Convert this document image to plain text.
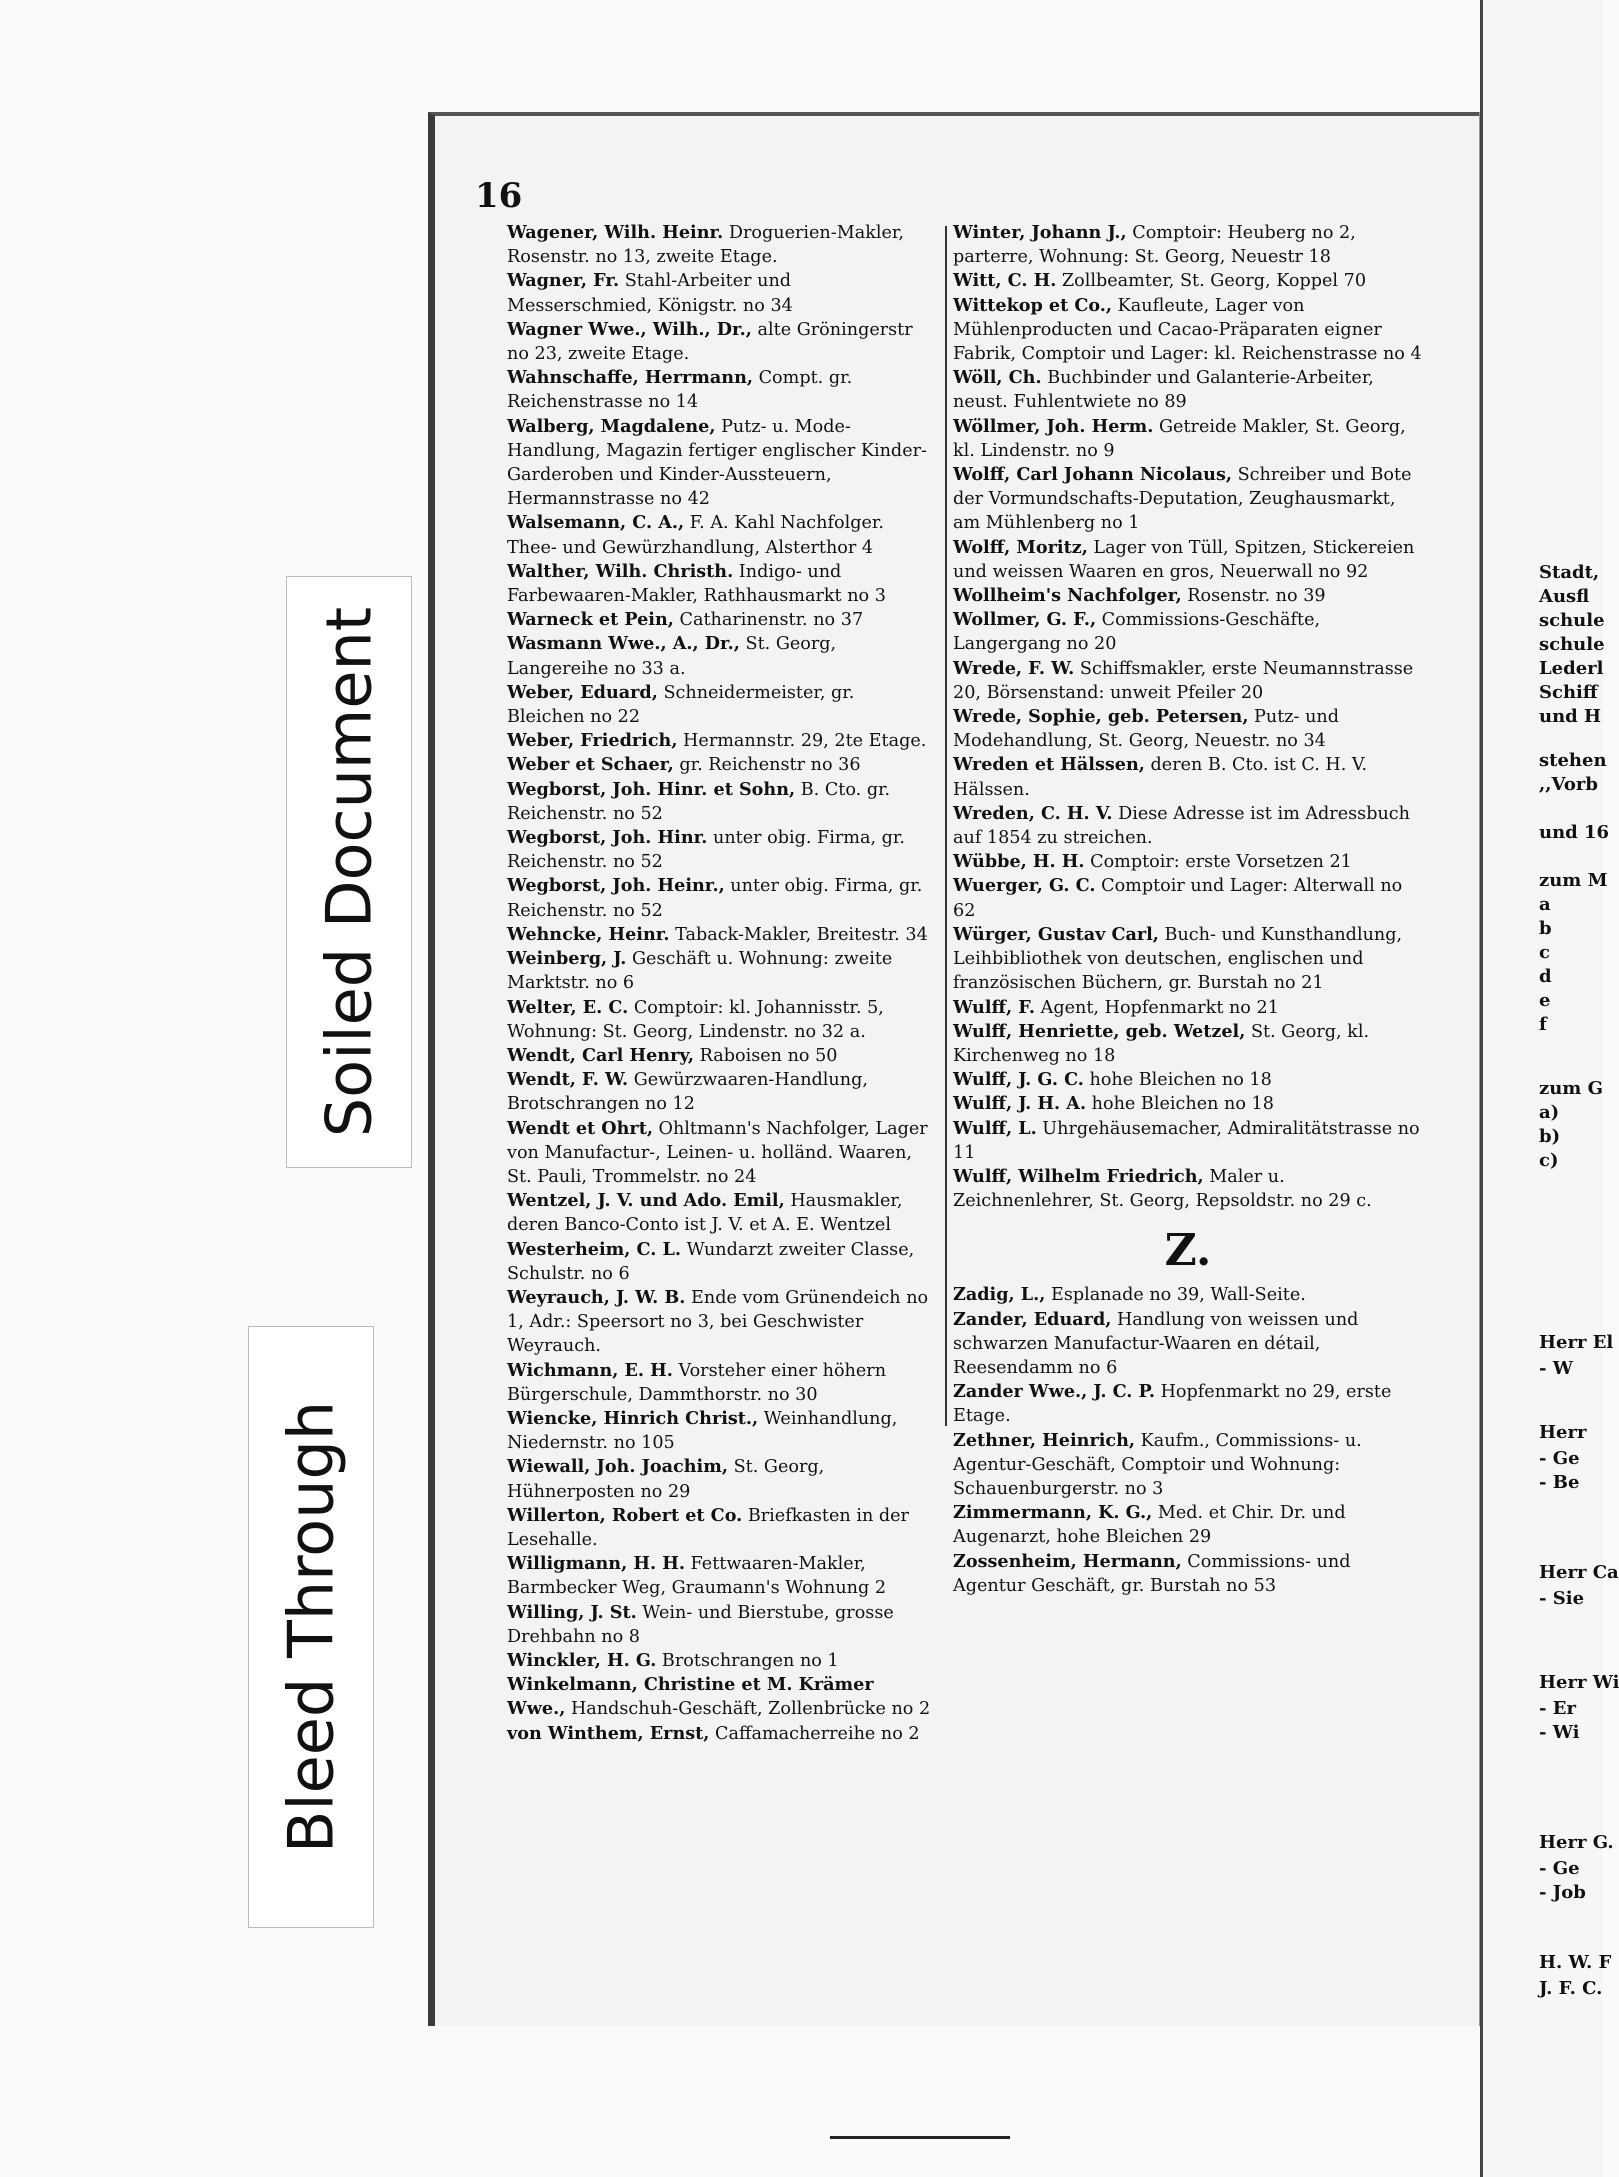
16
Wagener, Wilh. Heinr. Droguerien-Makler, Rosenstr. no 13, zweite Etage.
Wagner, Fr. Stahl-Arbeiter und Messerschmied, Königstr. no 34
Wagner Wwe., Wilh., Dr., alte Gröningerstr no 23, zweite Etage.
Wahnschaffe, Herrmann, Compt. gr. Reichenstrasse no 14
Walberg, Magdalene, Putz- u. Mode-Handlung, Magazin fertiger englischer Kinder-Garderoben und Kinder-Aussteuern, Hermannstrasse no 42
Walsemann, C. A., F. A. Kahl Nachfolger. Thee- und Gewürzhandlung, Alsterthor 4
Walther, Wilh. Christh. Indigo- und Farbewaaren-Makler, Rathhausmarkt no 3
Warneck et Pein, Catharinenstr. no 37
Wasmann Wwe., A., Dr., St. Georg, Langereihe no 33 a.
Weber, Eduard, Schneidermeister, gr. Bleichen no 22
Weber, Friedrich, Hermannstr. 29, 2te Etage.
Weber et Schaer, gr. Reichenstr no 36
Wegborst, Joh. Hinr. et Sohn, B. Cto. gr. Reichenstr. no 52
Wegborst, Joh. Hinr. unter obig. Firma, gr. Reichenstr. no 52
Wegborst, Joh. Heinr., unter obig. Firma, gr. Reichenstr. no 52
Wehncke, Heinr. Taback-Makler, Breitestr. 34
Weinberg, J. Geschäft u. Wohnung: zweite Marktstr. no 6
Welter, E. C. Comptoir: kl. Johannisstr. 5, Wohnung: St. Georg, Lindenstr. no 32 a.
Wendt, Carl Henry, Raboisen no 50
Wendt, F. W. Gewürzwaaren-Handlung, Brotschrangen no 12
Wendt et Ohrt, Ohltmann's Nachfolger, Lager von Manufactur-, Leinen- u. holländ. Waaren, St. Pauli, Trommelstr. no 24
Wentzel, J. V. und Ado. Emil, Hausmakler, deren Banco-Conto ist J. V. et A. E. Wentzel
Westerheim, C. L. Wundarzt zweiter Classe, Schulstr. no 6
Weyrauch, J. W. B. Ende vom Grünendeich no 1, Adr.: Speersort no 3, bei Geschwister Weyrauch.
Wichmann, E. H. Vorsteher einer höhern Bürgerschule, Dammthorstr. no 30
Wiencke, Hinrich Christ., Weinhandlung, Niedernstr. no 105
Wiewall, Joh. Joachim, St. Georg, Hühnerposten no 29
Willerton, Robert et Co. Briefkasten in der Lesehalle.
Willigmann, H. H. Fettwaaren-Makler, Barmbecker Weg, Graumann's Wohnung 2
Willing, J. St. Wein- und Bierstube, grosse Drehbahn no 8
Winckler, H. G. Brotschrangen no 1
Winkelmann, Christine et M. Krämer Wwe., Handschuh-Geschäft, Zollenbrücke no 2
von Winthem, Ernst, Caffamacherreihe no 2
Winter, Johann J., Comptoir: Heuberg no 2, parterre, Wohnung: St. Georg, Neuestr 18
Witt, C. H. Zollbeamter, St. Georg, Koppel 70
Wittekop et Co., Kaufleute, Lager von Mühlenproducten und Cacao-Präparaten eigner Fabrik, Comptoir und Lager: kl. Reichenstrasse no 4
Wöll, Ch. Buchbinder und Galanterie-Arbeiter, neust. Fuhlentwiete no 89
Wöllmer, Joh. Herm. Getreide Makler, St. Georg, kl. Lindenstr. no 9
Wolff, Carl Johann Nicolaus, Schreiber und Bote der Vormundschafts-Deputation, Zeughausmarkt, am Mühlenberg no 1
Wolff, Moritz, Lager von Tüll, Spitzen, Stickereien und weissen Waaren en gros, Neuerwall no 92
Wollheim's Nachfolger, Rosenstr. no 39
Wollmer, G. F., Commissions-Geschäfte, Langergang no 20
Wrede, F. W. Schiffsmakler, erste Neumannstrasse 20, Börsenstand: unweit Pfeiler 20
Wrede, Sophie, geb. Petersen, Putz- und Modehandlung, St. Georg, Neuestr. no 34
Wreden et Hälssen, deren B. Cto. ist C. H. V. Hälssen.
Wreden, C. H. V. Diese Adresse ist im Adressbuch auf 1854 zu streichen.
Wübbe, H. H. Comptoir: erste Vorsetzen 21
Wuerger, G. C. Comptoir und Lager: Alterwall no 62
Würger, Gustav Carl, Buch- und Kunsthandlung, Leihbibliothek von deutschen, englischen und französischen Büchern, gr. Burstah no 21
Wulff, F. Agent, Hopfenmarkt no 21
Wulff, Henriette, geb. Wetzel, St. Georg, kl. Kirchenweg no 18
Wulff, J. G. C. hohe Bleichen no 18
Wulff, J. H. A. hohe Bleichen no 18
Wulff, L. Uhrgehäusemacher, Admiralitätstrasse no 11
Wulff, Wilhelm Friedrich, Maler u. Zeichnenlehrer, St. Georg, Repsoldstr. no 29 c.
Z.
Zadig, L., Esplanade no 39, Wall-Seite.
Zander, Eduard, Handlung von weissen und schwarzen Manufactur-Waaren en détail, Reesendamm no 6
Zander Wwe., J. C. P. Hopfenmarkt no 29, erste Etage.
Zethner, Heinrich, Kaufm., Commissions- u. Agentur-Geschäft, Comptoir und Wohnung: Schauenburgerstr. no 3
Zimmermann, K. G., Med. et Chir. Dr. und Augenarzt, hohe Bleichen 29
Zossenheim, Hermann, Commissions- und Agentur Geschäft, gr. Burstah no 53
Soiled Document
Bleed Through
Stadt,
Ausfl
schule
schule
Lederl
Schiff
und H
stehen
,,Vorb
und 16
zum M
a
b
c
d
e
f
zum G
a)
b)
c)
Herr El
- W
Herr
- Ge
- Be
Herr Ca
- Sie
Herr Wi
- Er
- Wi
Herr G.
- Ge
- Job
H. W. F
J. F. C.
